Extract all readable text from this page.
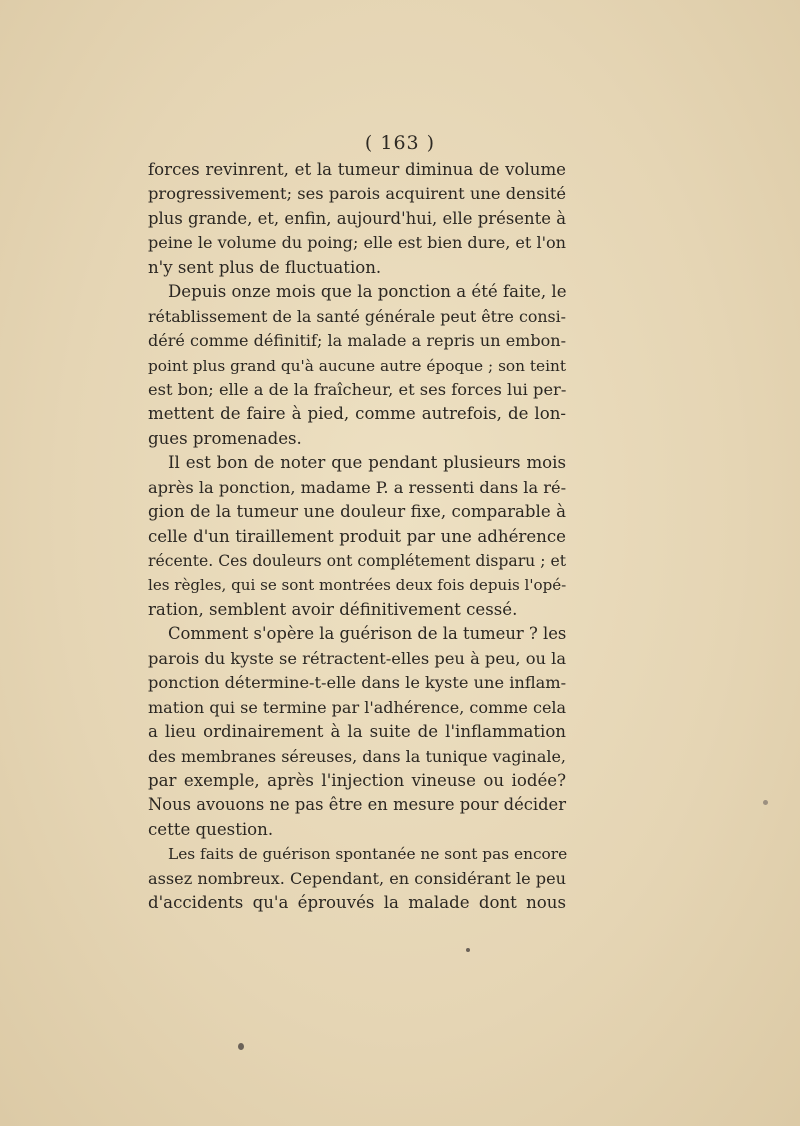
( 163 )
forces revinrent, et la tumeur diminua de volume
progressivement; ses parois acquirent une densité
plus grande, et, enfin, aujourd'hui, elle présente à
peine le volume du poing; elle est bien dure, et l'on
n'y sent plus de fluctuation.
Depuis onze mois que la ponction a été faite, le
rétablissement de la santé générale peut être consi-
déré comme définitif; la malade a repris un embon-
point plus grand qu'à aucune autre époque ; son teint
est bon; elle a de la fraîcheur, et ses forces lui per-
mettent de faire à pied, comme autrefois, de lon-
gues promenades.
Il est bon de noter que pendant plusieurs mois
après la ponction, madame P. a ressenti dans la ré-
gion de la tumeur une douleur fixe, comparable à
celle d'un tiraillement produit par une adhérence
récente. Ces douleurs ont complétement disparu ; et
les règles, qui se sont montrées deux fois depuis l'opé-
ration, semblent avoir définitivement cessé.
Comment s'opère la guérison de la tumeur ? les
parois du kyste se rétractent-elles peu à peu, ou la
ponction détermine-t-elle dans le kyste une inflam-
mation qui se termine par l'adhérence, comme cela
a lieu ordinairement à la suite de l'inflammation
des membranes séreuses, dans la tunique vaginale,
par exemple, après l'injection vineuse ou iodée?
Nous avouons ne pas être en mesure pour décider
cette question.
Les faits de guérison spontanée ne sont pas encore
assez nombreux. Cependant, en considérant le peu
d'accidents qu'a éprouvés la malade dont nous
